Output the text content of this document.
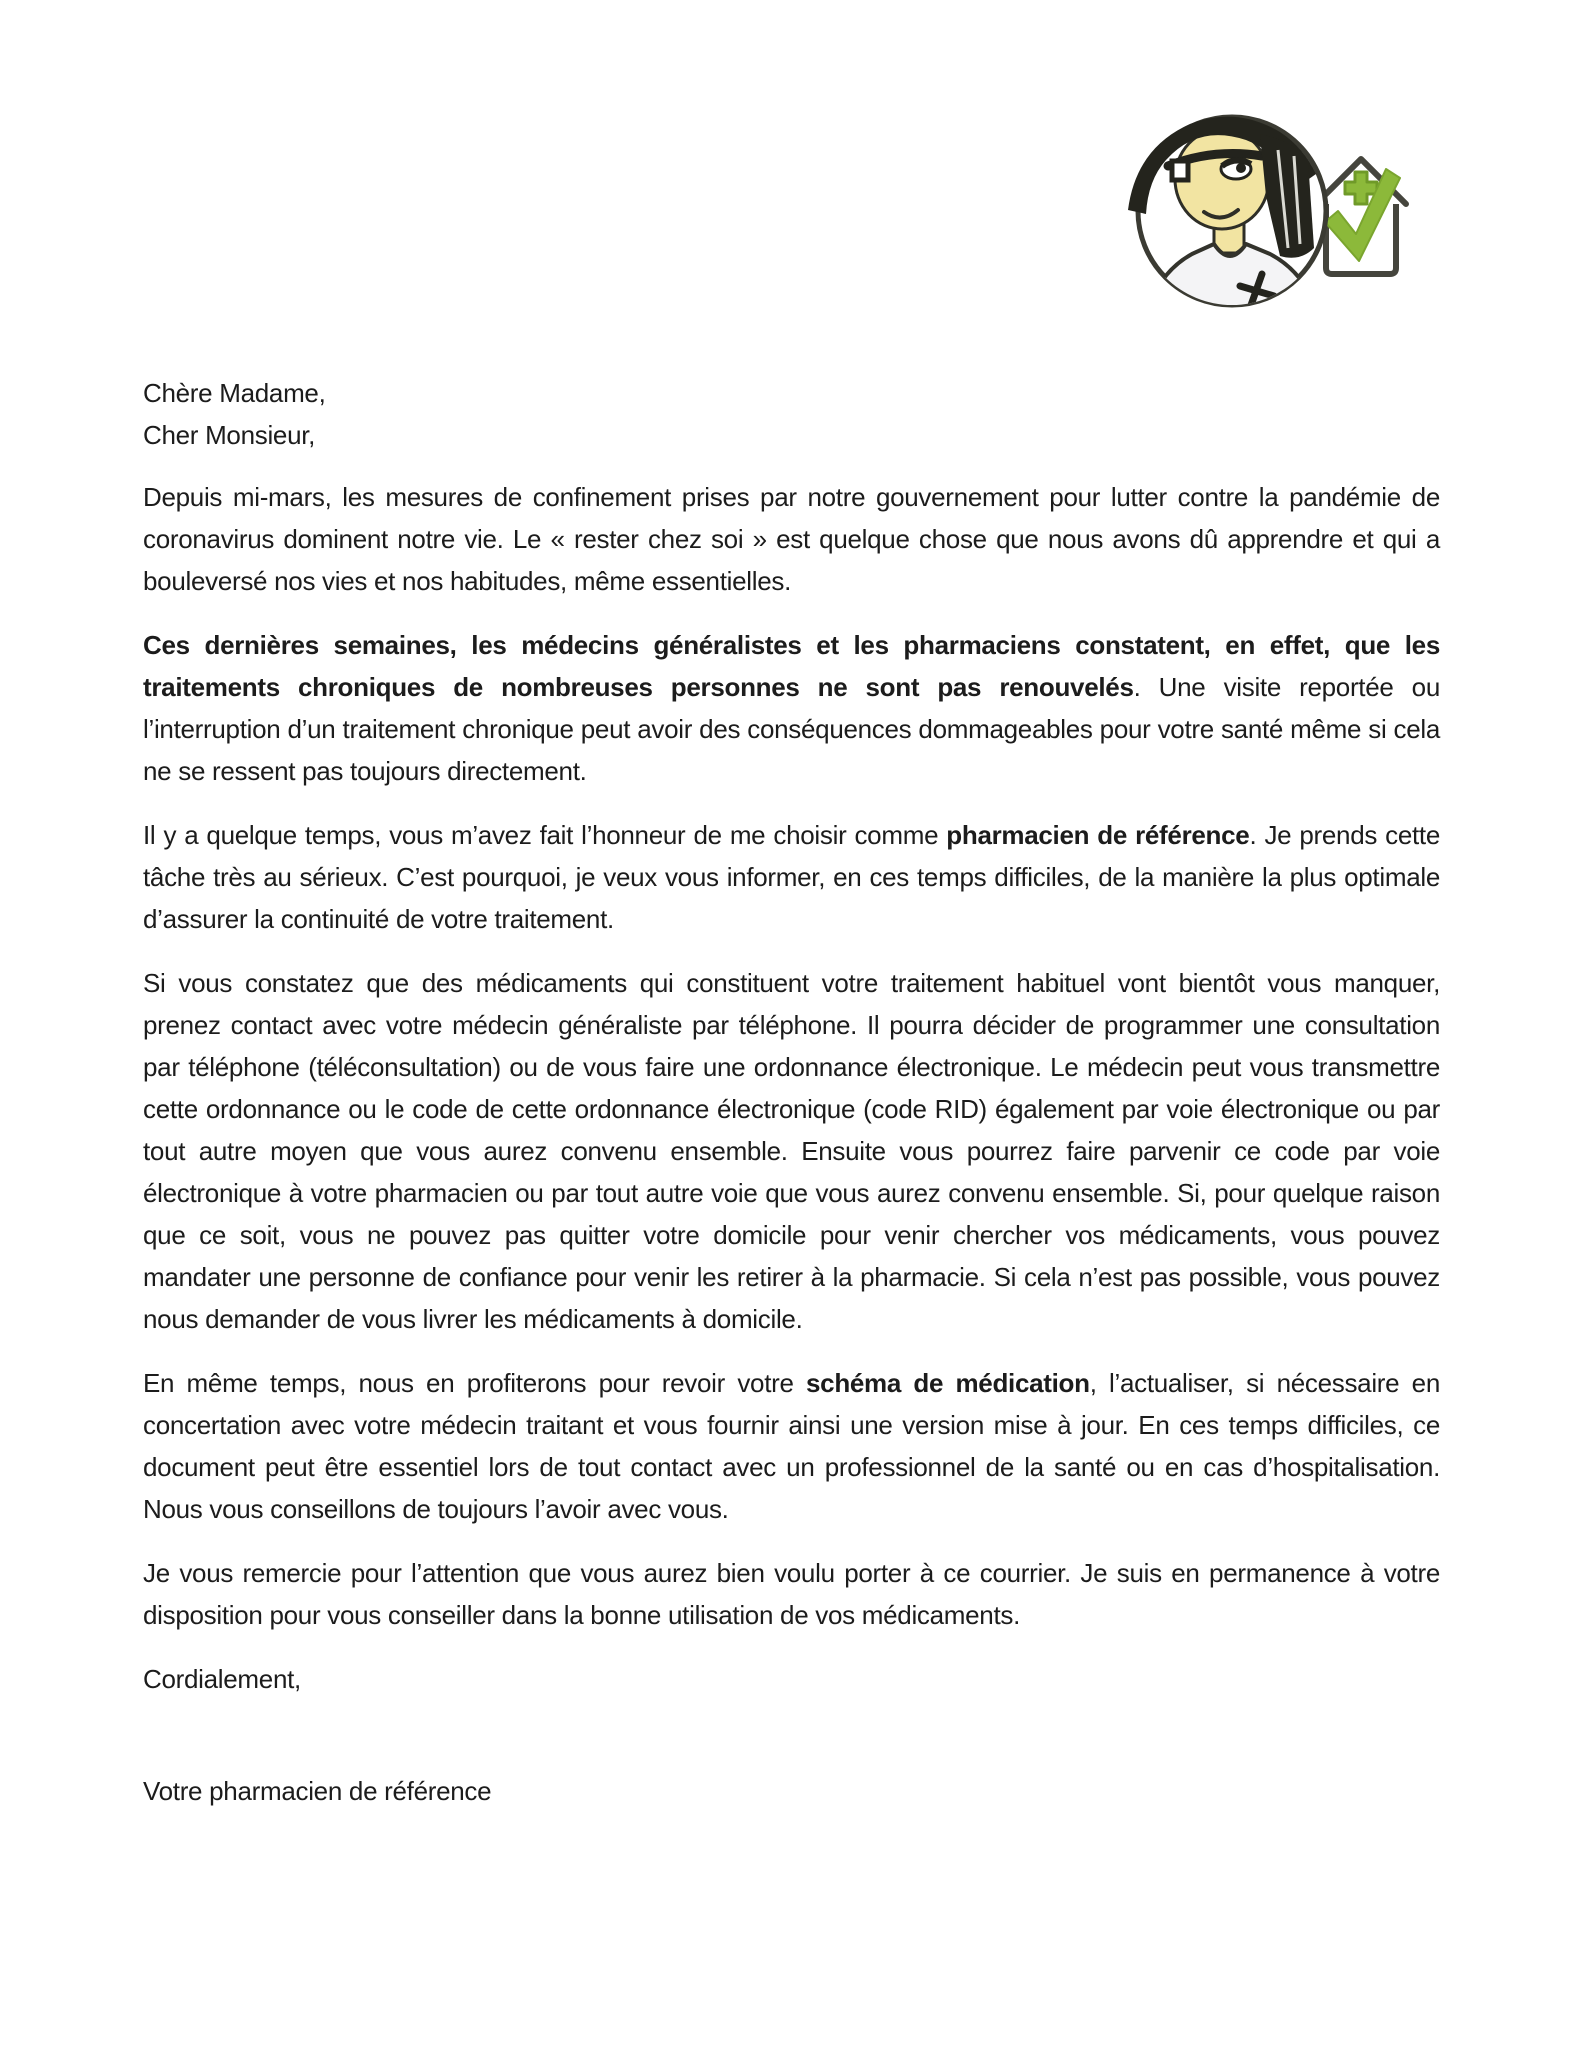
Chère Madame,

Cher Monsieur,

Depuis mi-mars, les mesures de confinement prises par notre gouvernement pour lutter contre la pandémie de coronavirus dominent notre vie. Le « rester chez soi » est quelque chose que nous avons dû apprendre et qui a bouleversé nos vies et nos habitudes, même essentielles.

Ces dernières semaines, les médecins généralistes et les pharmaciens constatent, en effet, que les traitements chroniques de nombreuses personnes ne sont pas renouvelés. Une visite reportée ou l’interruption d’un traitement chronique peut avoir des conséquences dommageables pour votre santé même si cela ne se ressent pas toujours directement.

Il y a quelque temps, vous m’avez fait l’honneur de me choisir comme pharmacien de référence. Je prends cette tâche très au sérieux. C’est pourquoi, je veux vous informer, en ces temps difficiles, de la manière la plus optimale d’assurer la continuité de votre traitement.

Si vous constatez que des médicaments qui constituent votre traitement habituel vont bientôt vous manquer, prenez contact avec votre médecin généraliste par téléphone. Il pourra décider de programmer une consultation par téléphone (téléconsultation) ou de vous faire une ordonnance électronique. Le médecin peut vous transmettre cette ordonnance ou le code de cette ordonnance électronique (code RID) également par voie électronique ou par tout autre moyen que vous aurez convenu ensemble. Ensuite vous pourrez faire parvenir ce code par voie électronique à votre pharmacien ou par tout autre voie que vous aurez convenu ensemble. Si, pour quelque raison que ce soit, vous ne pouvez pas quitter votre domicile pour venir chercher vos médicaments, vous pouvez mandater une personne de confiance pour venir les retirer à la pharmacie. Si cela n’est pas possible, vous pouvez nous demander de vous livrer les médicaments à domicile.

En même temps, nous en profiterons pour revoir votre schéma de médication, l’actualiser, si nécessaire en concertation avec votre médecin traitant et vous fournir ainsi une version mise à jour. En ces temps difficiles, ce document peut être essentiel lors de tout contact avec un professionnel de la santé ou en cas d’hospitalisation. Nous vous conseillons de toujours l’avoir avec vous.

Je vous remercie pour l’attention que vous aurez bien voulu porter à ce courrier. Je suis en permanence à votre disposition pour vous conseiller dans la bonne utilisation de vos médicaments.

Cordialement,

Votre pharmacien de référence
